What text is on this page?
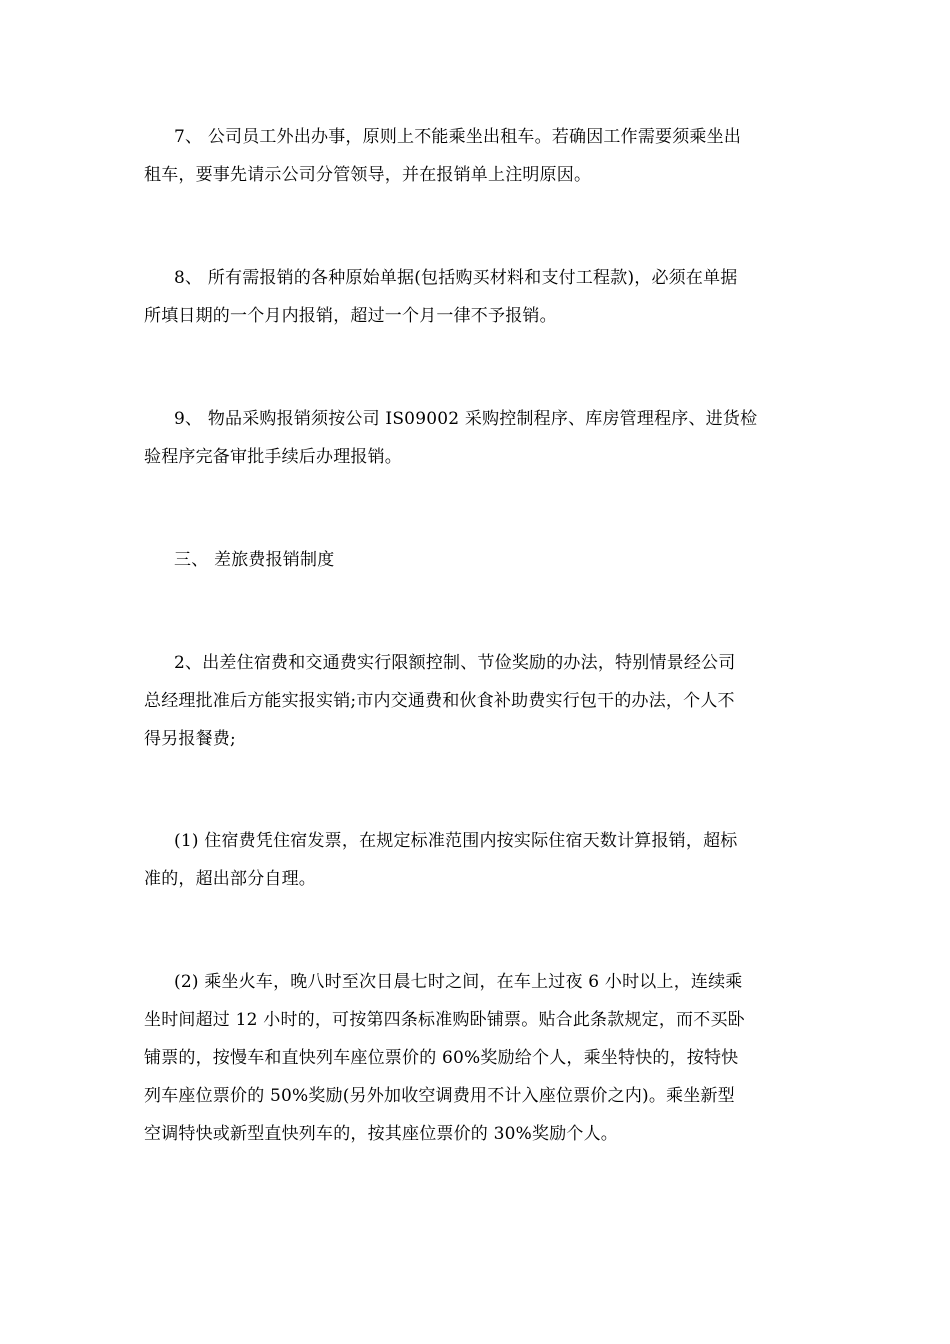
7、 公司员工外出办事，原则上不能乘坐出租车。若确因工作需要须乘坐出
租车，要事先请示公司分管领导，并在报销单上注明原因。
8、 所有需报销的各种原始单据(包括购买材料和支付工程款)，必须在单据
所填日期的一个月内报销，超过一个月一律不予报销。
9、 物品采购报销须按公司 IS09002 采购控制程序、库房管理程序、进货检
验程序完备审批手续后办理报销。
三、 差旅费报销制度
2、出差住宿费和交通费实行限额控制、节俭奖励的办法，特别情景经公司
总经理批准后方能实报实销;市内交通费和伙食补助费实行包干的办法，个人不
得另报餐费;
(1) 住宿费凭住宿发票，在规定标准范围内按实际住宿天数计算报销，超标
准的，超出部分自理。
(2) 乘坐火车，晚八时至次日晨七时之间，在车上过夜 6 小时以上，连续乘
坐时间超过 12 小时的，可按第四条标准购卧铺票。贴合此条款规定，而不买卧
铺票的，按慢车和直快列车座位票价的 60%奖励给个人，乘坐特快的，按特快
列车座位票价的 50%奖励(另外加收空调费用不计入座位票价之内)。乘坐新型
空调特快或新型直快列车的，按其座位票价的 30%奖励个人。
